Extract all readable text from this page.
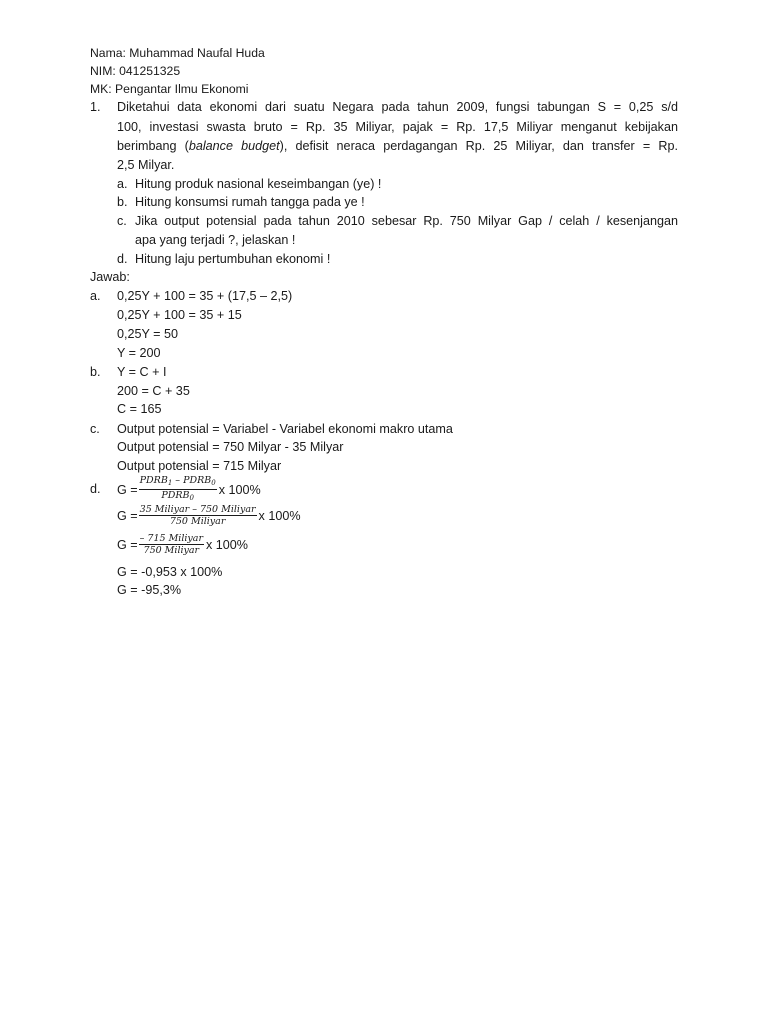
Nama: Muhammad Naufal Huda
NIM: 041251325
MK: Pengantar Ilmu Ekonomi
1. Diketahui data ekonomi dari suatu Negara pada tahun 2009, fungsi tabungan S = 0,25 s/d
100, investasi swasta bruto = Rp. 35 Miliyar, pajak = Rp. 17,5 Miliyar menganut kebijakan
berimbang (balance budget), defisit neraca perdagangan Rp. 25 Miliyar, dan transfer = Rp.
2,5 Milyar.
a. Hitung produk nasional keseimbangan (ye) !
b. Hitung konsumsi rumah tangga pada ye !
c. Jika output potensial pada tahun 2010 sebesar Rp. 750 Milyar Gap / celah / kesenjangan
apa yang terjadi ?, jelaskan !
d. Hitung laju pertumbuhan ekonomi !
Jawab:
a. 0,25Y + 100 = 35 + (17,5 – 2,5)
0,25Y + 100 = 35 + 15
0,25Y = 50
Y = 200
b. Y = C + I
200 = C + 35
C = 165
c. Output potensial = Variabel - Variabel ekonomi makro utama
Output potensial = 750 Milyar - 35 Milyar
Output potensial = 715 Milyar
d. $G = \frac{PDRB_1 - PDRB_0}{PDRB_0}$ x 100%
$G = \frac{\text{35 Miliyar – 750 Miliyar}}{\text{750 Miliyar}}$ x 100%
$G = \frac{\text{– 715 Miliyar}}{\text{750 Miliyar}}$ x 100%
G = -0,953 x 100%
G = -95,3%
